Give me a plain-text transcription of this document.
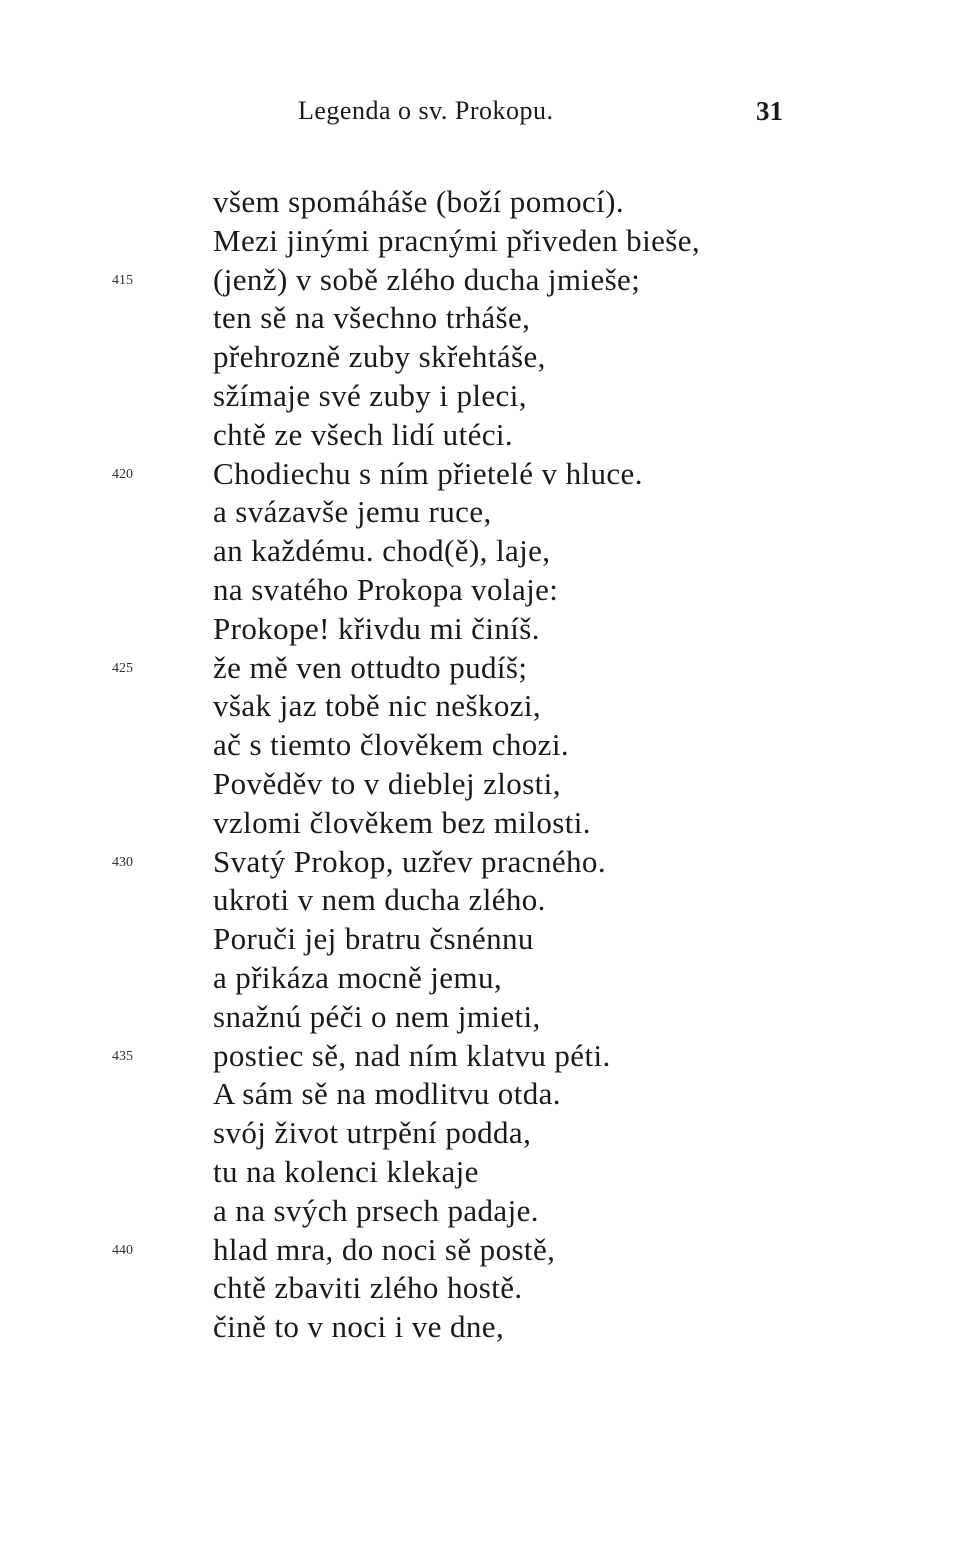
Legenda o sv. Prokopu.	31
všem spomáháše (boží pomocí).
Mezi jinými pracnými přiveden bieše,
415	(jenž) v sobě zlého ducha jmieše;
ten sě na všechno trháše,
přehrozně zuby skřehtáše,
sžímaje své zuby i pleci,
chtě ze všech lidí utéci.
420	Chodiechu s ním přietelé v hluce.
a svázavše jemu ruce,
an každému. chod(ě), laje,
na svatého Prokopa volaje:
Prokope! křivdu mi činíš.
425	že mě ven ottudto pudíš;
však jaz tobě nic neškozi,
ač s tiemto člověkem chozi.
Pověděv to v dieblej zlosti,
vzlomi člověkem bez milosti.
430	Svatý Prokop, uzřev pracného.
ukroti v nem ducha zlého.
Poruči jej bratru čsnénnu
a přikáza mocně jemu,
snažnú péči o nem jmieti,
435	postiec sě, nad ním klatvu péti.
A sám sě na modlitvu otda.
svój život utrpění podda,
tu na kolenci klekaje
a na svých prsech padaje.
440	hlad mra, do noci sě postě,
chtě zbaviti zlého hostě.
čině to v noci i ve dne,
